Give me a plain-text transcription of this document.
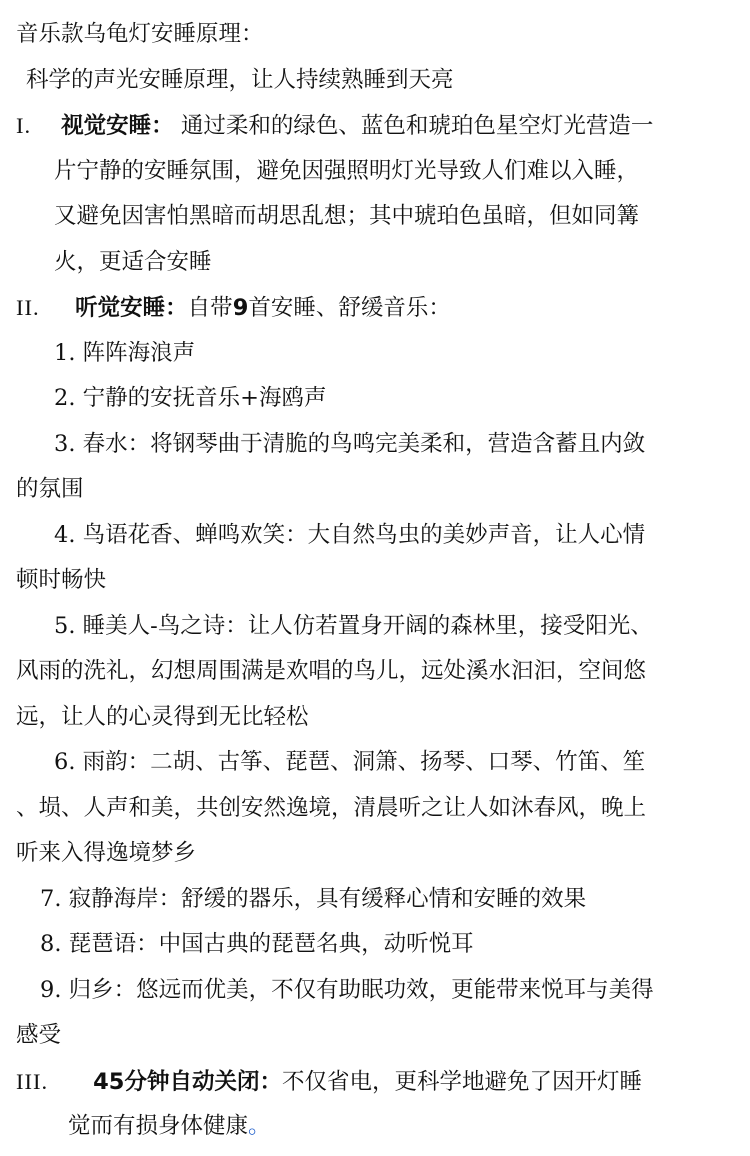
音乐款乌龟灯安睡原理：
科学的声光安睡原理，让人持续熟睡到天亮
I. 视觉安睡： 通过柔和的绿色、蓝色和琥珀色星空灯光营造一
片宁静的安睡氛围，避免因强照明灯光导致人们难以入睡，
又避免因害怕黑暗而胡思乱想；其中琥珀色虽暗，但如同篝
火，更适合安睡
II. 听觉安睡：自带9首安睡、舒缓音乐：
1. 阵阵海浪声
2. 宁静的安抚音乐+海鸥声
3. 春水：将钢琴曲于清脆的鸟鸣完美柔和，营造含蓄且内敛
的氛围
4. 鸟语花香、蝉鸣欢笑：大自然鸟虫的美妙声音，让人心情
顿时畅快
5. 睡美人-鸟之诗：让人仿若置身开阔的森林里，接受阳光、
风雨的洗礼，幻想周围满是欢唱的鸟儿，远处溪水汩汩，空间悠
远，让人的心灵得到无比轻松
6. 雨韵：二胡、古筝、琵琶、洞箫、扬琴、口琴、竹笛、笙
、埙、人声和美，共创安然逸境，清晨听之让人如沐春风，晚上
听来入得逸境梦乡
7. 寂静海岸：舒缓的器乐，具有缓释心情和安睡的效果
8. 琵琶语：中国古典的琵琶名典，动听悦耳
9. 归乡：悠远而优美，不仅有助眠功效，更能带来悦耳与美得
感受
III. 45分钟自动关闭：不仅省电，更科学地避免了因开灯睡
觉而有损身体健康。
